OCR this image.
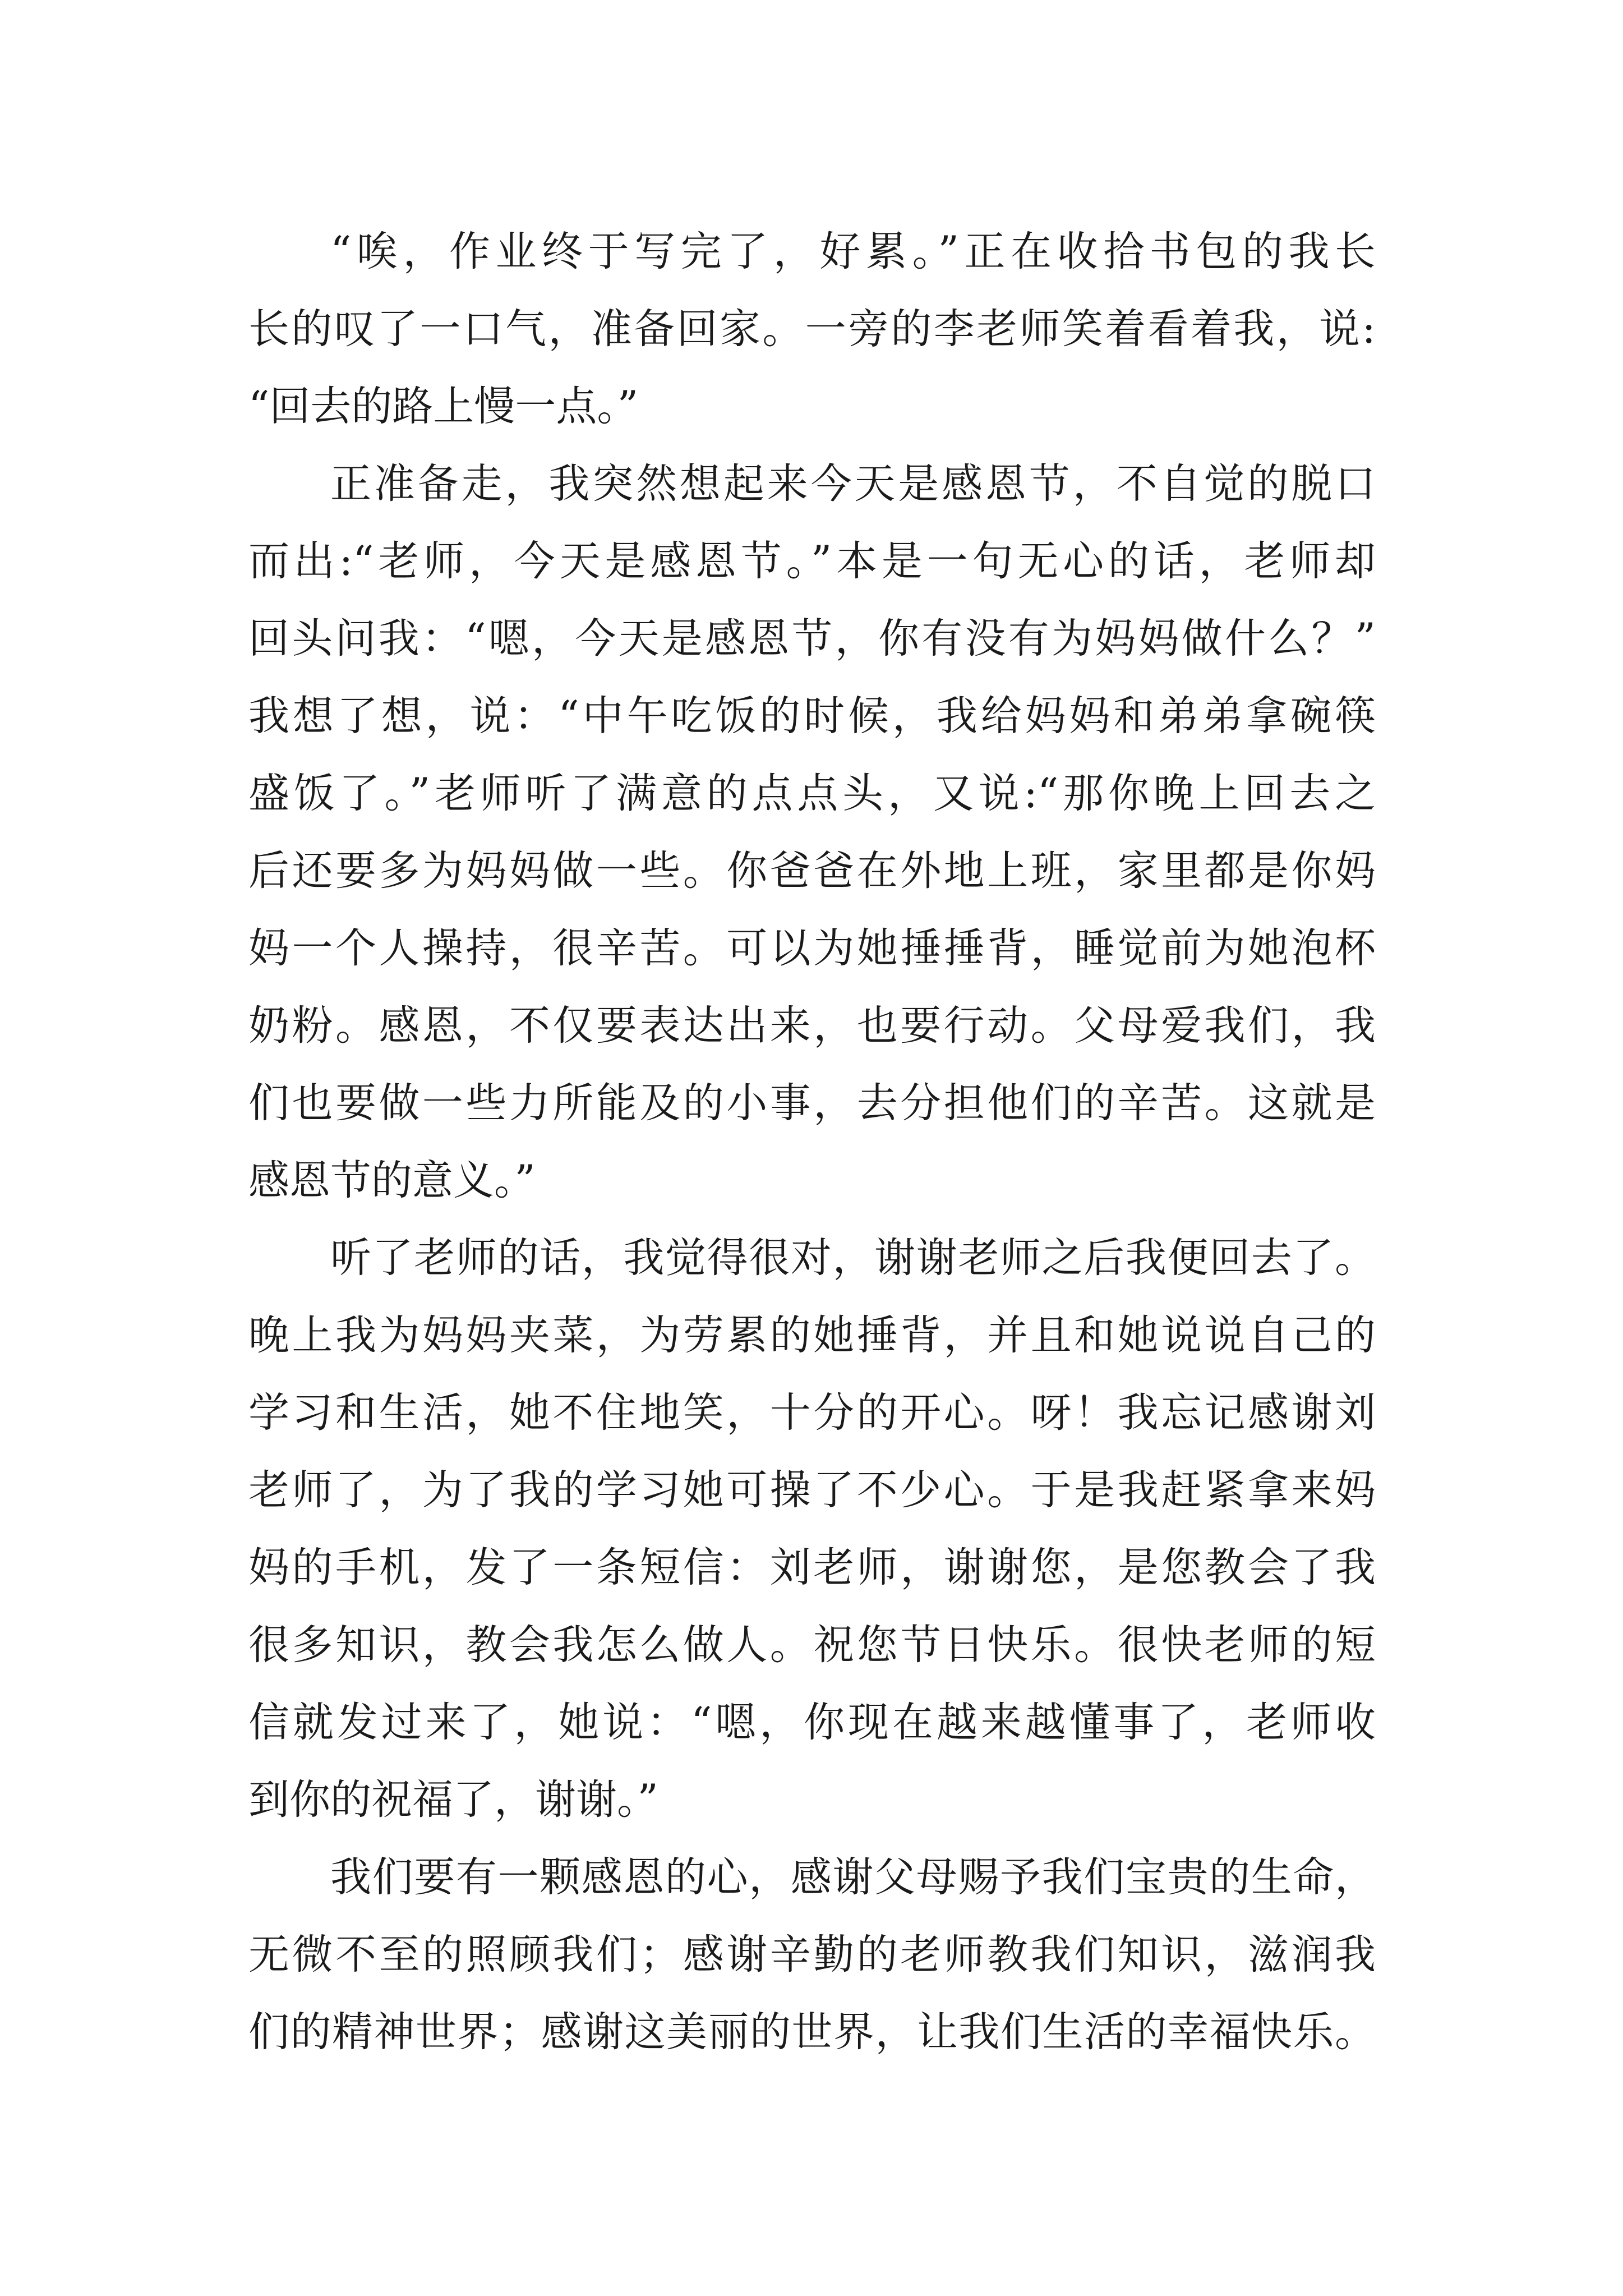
“唉，作业终于写完了，好累。”正在收拾书包的我长
长的叹了一口气，准备回家。一旁的李老师笑着看着我，说:
“回去的路上慢一点。”
正准备走，我突然想起来今天是感恩节，不自觉的脱口
而出:“老师，今天是感恩节。”本是一句无心的话，老师却
回头问我：“嗯，今天是感恩节，你有没有为妈妈做什么？”
我想了想，说：“中午吃饭的时候，我给妈妈和弟弟拿碗筷
盛饭了。”老师听了满意的点点头，又说:“那你晚上回去之
后还要多为妈妈做一些。你爸爸在外地上班，家里都是你妈
妈一个人操持，很辛苦。可以为她捶捶背，睡觉前为她泡杯
奶粉。感恩，不仅要表达出来，也要行动。父母爱我们，我
们也要做一些力所能及的小事，去分担他们的辛苦。这就是
感恩节的意义。”
听了老师的话，我觉得很对，谢谢老师之后我便回去了。
晚上我为妈妈夹菜，为劳累的她捶背，并且和她说说自己的
学习和生活，她不住地笑，十分的开心。呀！我忘记感谢刘
老师了，为了我的学习她可操了不少心。于是我赶紧拿来妈
妈的手机，发了一条短信：刘老师，谢谢您，是您教会了我
很多知识，教会我怎么做人。祝您节日快乐。很快老师的短
信就发过来了，她说：“嗯，你现在越来越懂事了，老师收
到你的祝福了，谢谢。”
我们要有一颗感恩的心，感谢父母赐予我们宝贵的生命，
无微不至的照顾我们；感谢辛勤的老师教我们知识，滋润我
们的精神世界；感谢这美丽的世界，让我们生活的幸福快乐。
